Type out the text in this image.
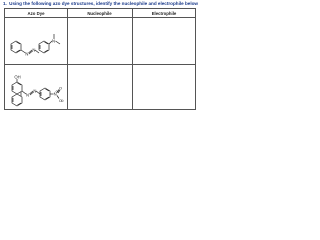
1. Using the following azo dye structures, identify the nucleophile and electrophile below
Azo Dye	Nucleophile	Electrophile
N
N
N
OH
N
N
N
O
O
